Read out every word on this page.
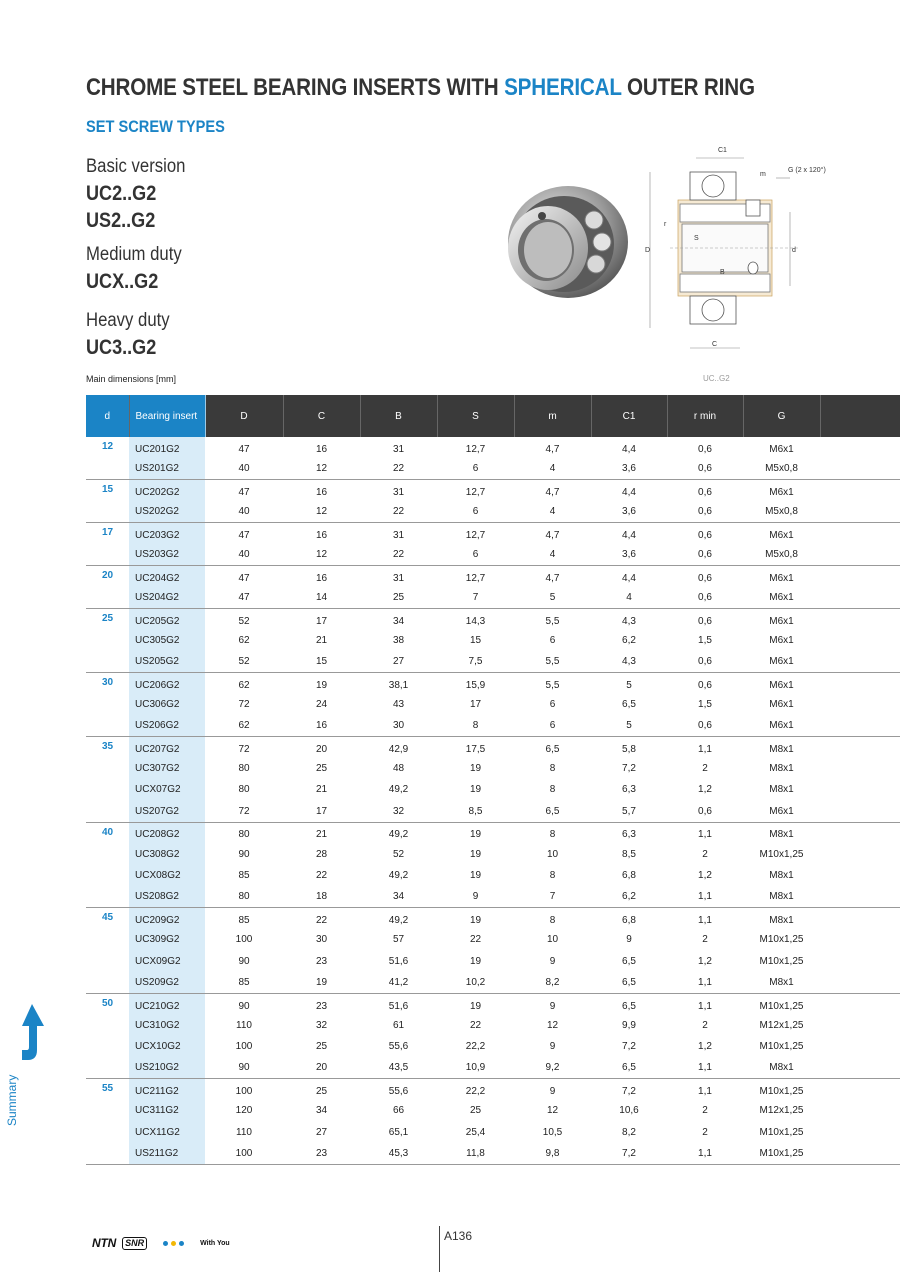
CHROME STEEL BEARING INSERTS WITH SPHERICAL OUTER RING
SET SCREW TYPES
Basic version
UC2..G2
US2..G2
Medium duty
UCX..G2
Heavy duty
UC3..G2
C1
m
G (2 x 120°)
r
S
D	d
B
C
Main dimensions [mm]	UC..G2
d	Bearing insert	D	C	B	S	m	C1	r min	G	
12	UC201G2	47	16	31	12,7	4,7	4,4	0,6	M6x1	
	US201G2	40	12	22	6	4	3,6	0,6	M5x0,8	
15	UC202G2	47	16	31	12,7	4,7	4,4	0,6	M6x1	
	US202G2	40	12	22	6	4	3,6	0,6	M5x0,8	
17	UC203G2	47	16	31	12,7	4,7	4,4	0,6	M6x1	
	US203G2	40	12	22	6	4	3,6	0,6	M5x0,8	
20	UC204G2	47	16	31	12,7	4,7	4,4	0,6	M6x1	
	US204G2	47	14	25	7	5	4	0,6	M6x1	
25	UC205G2	52	17	34	14,3	5,5	4,3	0,6	M6x1	
	UC305G2	62	21	38	15	6	6,2	1,5	M6x1	
	US205G2	52	15	27	7,5	5,5	4,3	0,6	M6x1	
30	UC206G2	62	19	38,1	15,9	5,5	5	0,6	M6x1	
	UC306G2	72	24	43	17	6	6,5	1,5	M6x1	
	US206G2	62	16	30	8	6	5	0,6	M6x1	
35	UC207G2	72	20	42,9	17,5	6,5	5,8	1,1	M8x1	
	UC307G2	80	25	48	19	8	7,2	2	M8x1	
	UCX07G2	80	21	49,2	19	8	6,3	1,2	M8x1	
	US207G2	72	17	32	8,5	6,5	5,7	0,6	M6x1	
40	UC208G2	80	21	49,2	19	8	6,3	1,1	M8x1	
	UC308G2	90	28	52	19	10	8,5	2	M10x1,25	
	UCX08G2	85	22	49,2	19	8	6,8	1,2	M8x1	
	US208G2	80	18	34	9	7	6,2	1,1	M8x1	
45	UC209G2	85	22	49,2	19	8	6,8	1,1	M8x1	
	UC309G2	100	30	57	22	10	9	2	M10x1,25	
	UCX09G2	90	23	51,6	19	9	6,5	1,2	M10x1,25	
	US209G2	85	19	41,2	10,2	8,2	6,5	1,1	M8x1	
50	UC210G2	90	23	51,6	19	9	6,5	1,1	M10x1,25	
	UC310G2	110	32	61	22	12	9,9	2	M12x1,25	
	UCX10G2	100	25	55,6	22,2	9	7,2	1,2	M10x1,25	
	US210G2	90	20	43,5	10,9	9,2	6,5	1,1	M8x1	
55	UC211G2	100	25	55,6	22,2	9	7,2	1,1	M10x1,25	
	UC311G2	120	34	66	25	12	10,6	2	M12x1,25	
	UCX11G2	110	27	65,1	25,4	10,5	8,2	2	M10x1,25	
	US211G2	100	23	45,3	11,8	9,8	7,2	1,1	M10x1,25	
Summary
NTN	SNR	With You	A136
